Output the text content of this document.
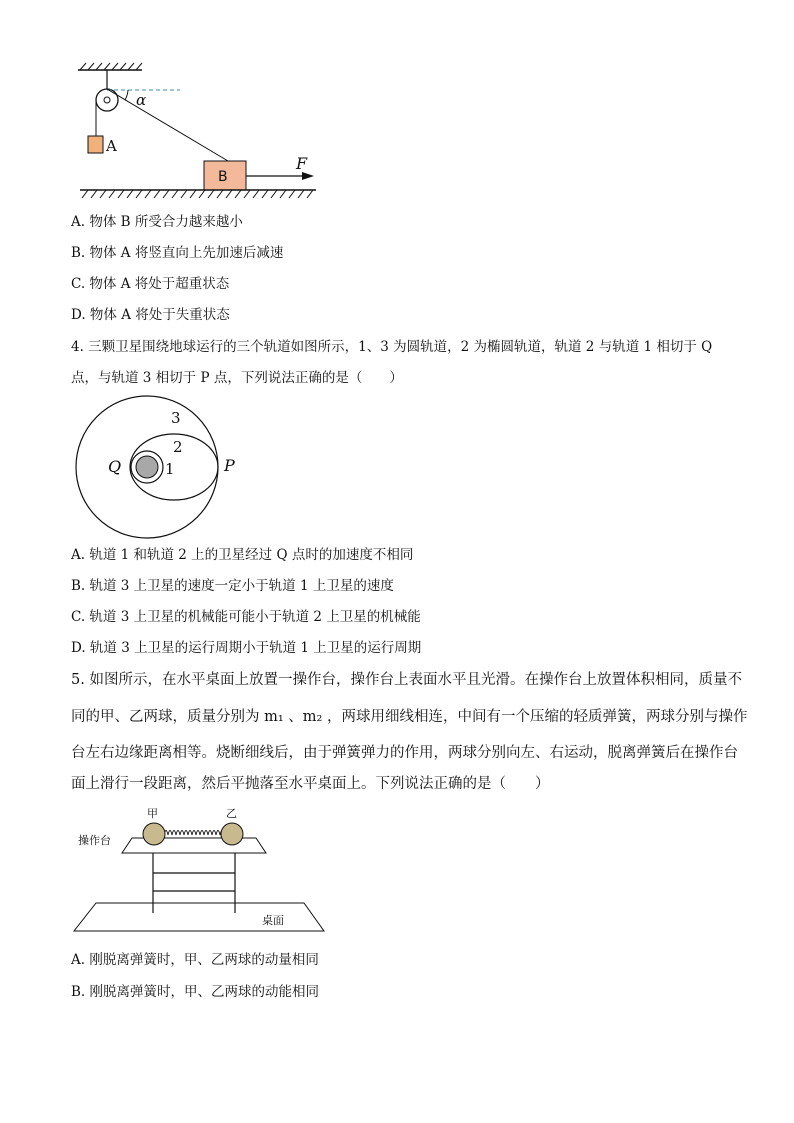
α
A
B
F
A. 物体 B 所受合力越来越小
B. 物体 A 将竖直向上先加速后减速
C. 物体 A 将处于超重状态
D. 物体 A 将处于失重状态
4. 三颗卫星围绕地球运行的三个轨道如图所示，1、3 为圆轨道，2 为椭圆轨道，轨道 2 与轨道 1 相切于 Q
点，与轨道 3 相切于 P 点，下列说法正确的是（　　）
3
2
1
Q	P
A. 轨道 1 和轨道 2 上的卫星经过 Q 点时的加速度不相同
B. 轨道 3 上卫星的速度一定小于轨道 1 上卫星的速度
C. 轨道 3 上卫星的机械能可能小于轨道 2 上卫星的机械能
D. 轨道 3 上卫星的运行周期小于轨道 1 上卫星的运行周期
5. 如图所示，在水平桌面上放置一操作台，操作台上表面水平且光滑。在操作台上放置体积相同，质量不
同的甲、乙两球，质量分别为 m₁ 、m₂ ，两球用细线相连，中间有一个压缩的轻质弹簧，两球分别与操作
台左右边缘距离相等。烧断细线后，由于弹簧弹力的作用，两球分别向左、右运动，脱离弹簧后在操作台
面上滑行一段距离，然后平抛落至水平桌面上。下列说法正确的是（　　）
甲	乙
操作台
桌面
A. 刚脱离弹簧时，甲、乙两球的动量相同
B. 刚脱离弹簧时，甲、乙两球的动能相同
